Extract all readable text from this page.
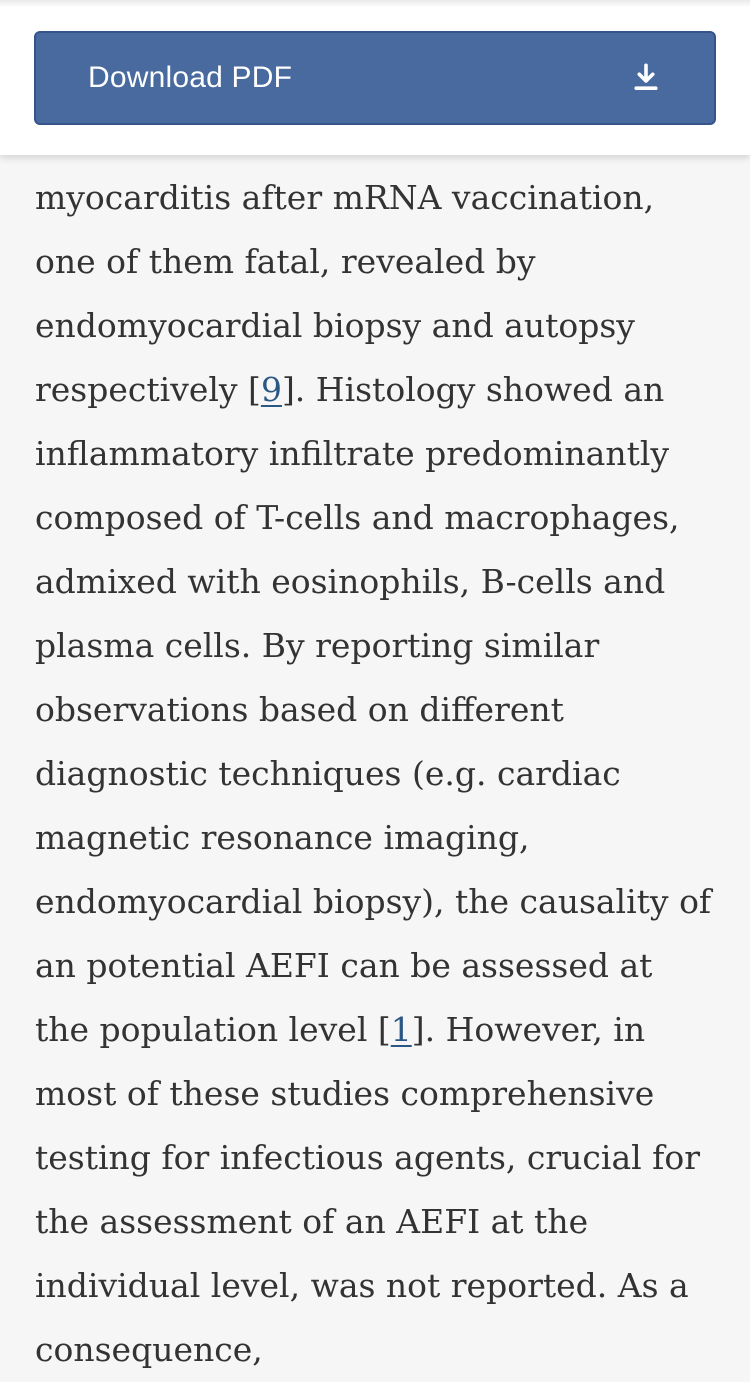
Download PDF

myocarditis after mRNA vaccination, one of them fatal, revealed by endomyocardial biopsy and autopsy respectively [9]. Histology showed an inflammatory infiltrate predominantly composed of T-cells and macrophages, admixed with eosinophils, B-cells and plasma cells. By reporting similar observations based on different diagnostic techniques (e.g. cardiac magnetic resonance imaging, endomyocardial biopsy), the causality of an potential AEFI can be assessed at the population level [1]. However, in most of these studies comprehensive testing for infectious agents, crucial for the assessment of an AEFI at the individual level, was not reported. As a consequence,
